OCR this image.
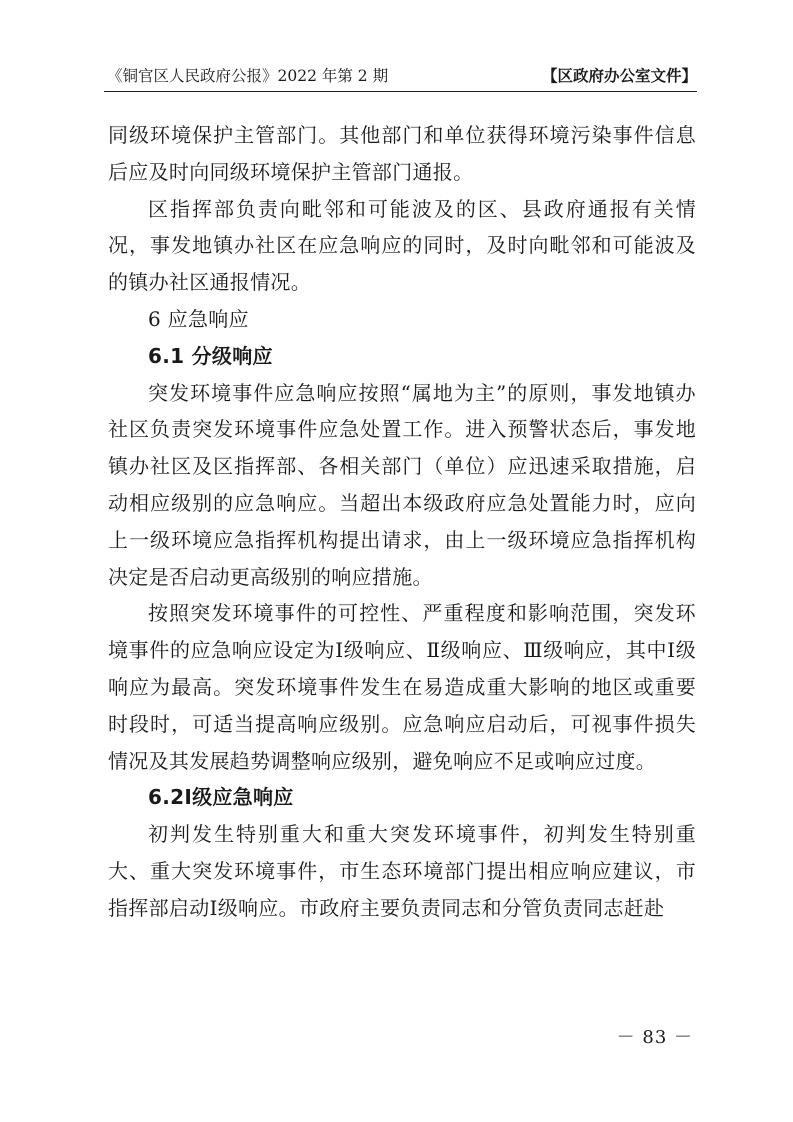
《铜官区人民政府公报》2022 年第 2 期	【区政府办公室文件】

同级环境保护主管部门。其他部门和单位获得环境污染事件信息后应及时向同级环境保护主管部门通报。

区指挥部负责向毗邻和可能波及的区、县政府通报有关情况，事发地镇办社区在应急响应的同时，及时向毗邻和可能波及的镇办社区通报情况。

6 应急响应

6.1 分级响应

突发环境事件应急响应按照“属地为主”的原则，事发地镇办社区负责突发环境事件应急处置工作。进入预警状态后，事发地镇办社区及区指挥部、各相关部门（单位）应迅速采取措施，启动相应级别的应急响应。当超出本级政府应急处置能力时，应向上一级环境应急指挥机构提出请求，由上一级环境应急指挥机构决定是否启动更高级别的响应措施。

按照突发环境事件的可控性、严重程度和影响范围，突发环境事件的应急响应设定为Ⅰ级响应、Ⅱ级响应、Ⅲ级响应，其中Ⅰ级响应为最高。突发环境事件发生在易造成重大影响的地区或重要时段时，可适当提高响应级别。应急响应启动后，可视事件损失情况及其发展趋势调整响应级别，避免响应不足或响应过度。

6.2Ⅰ级应急响应

初判发生特别重大和重大突发环境事件，初判发生特别重大、重大突发环境事件，市生态环境部门提出相应响应建议，市指挥部启动Ⅰ级响应。市政府主要负责同志和分管负责同志赶赴

－ 83 －
